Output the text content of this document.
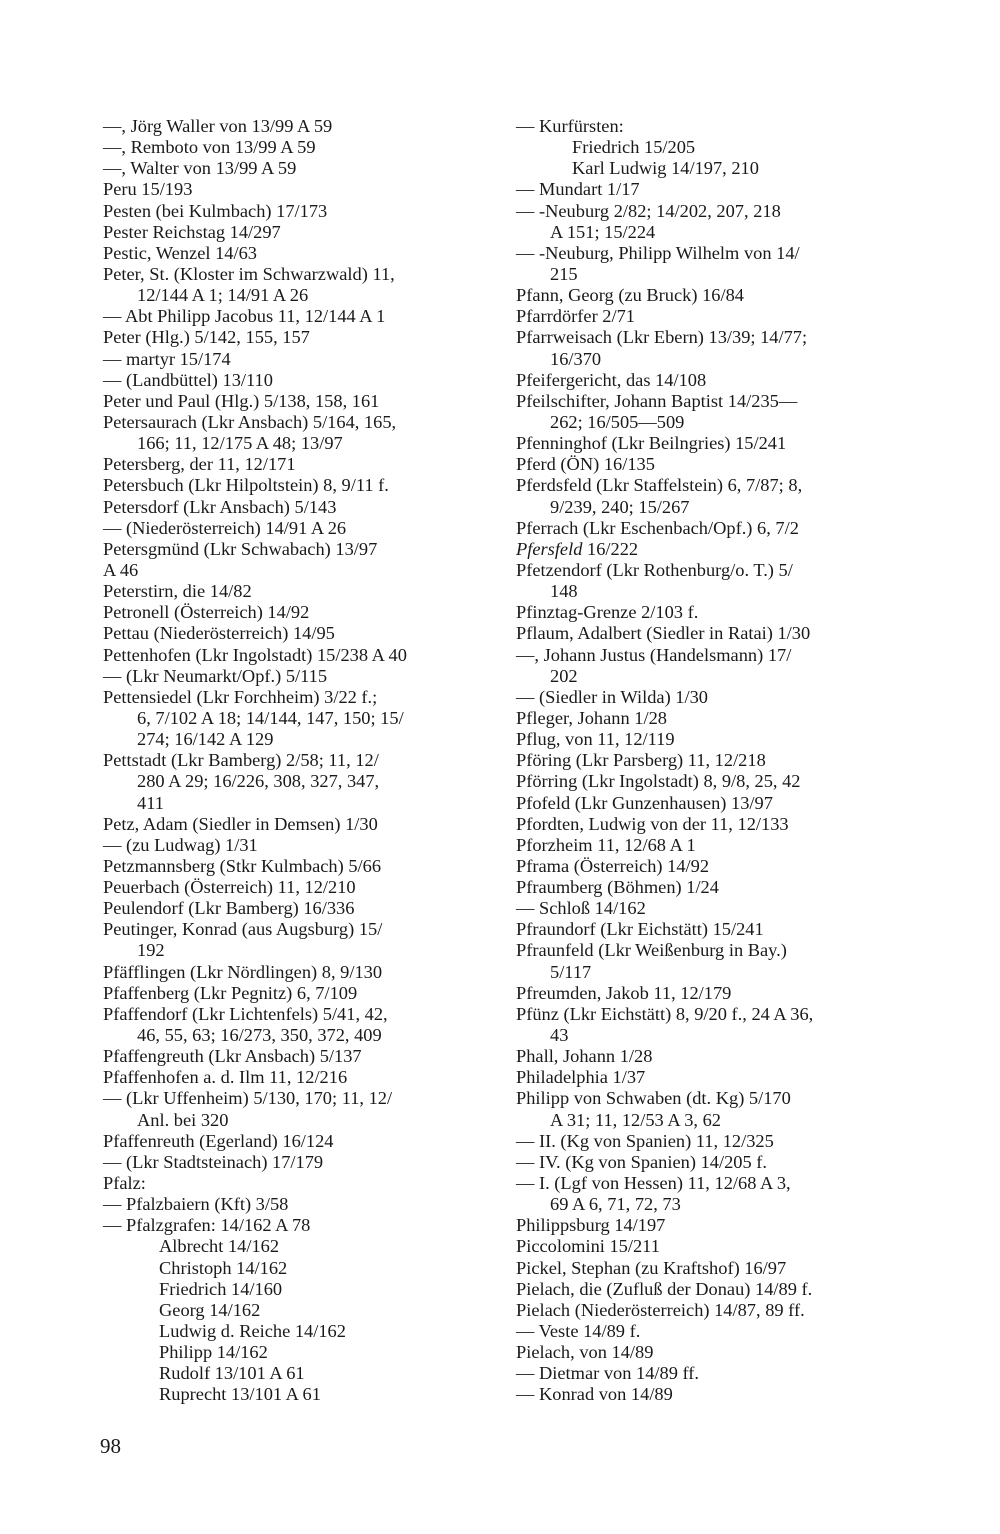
—, Jörg Waller von 13/99 A 59
—, Remboto von 13/99 A 59
—, Walter von 13/99 A 59
Peru 15/193
Pesten (bei Kulmbach) 17/173
Pester Reichstag 14/297
Pestic, Wenzel 14/63
Peter, St. (Kloster im Schwarzwald) 11,
12/144 A 1; 14/91 A 26
— Abt Philipp Jacobus 11, 12/144 A 1
Peter (Hlg.) 5/142, 155, 157
— martyr 15/174
— (Landbüttel) 13/110
Peter und Paul (Hlg.) 5/138, 158, 161
Petersaurach (Lkr Ansbach) 5/164, 165,
166; 11, 12/175 A 48; 13/97
Petersberg, der 11, 12/171
Petersbuch (Lkr Hilpoltstein) 8, 9/11 f.
Petersdorf (Lkr Ansbach) 5/143
— (Niederösterreich) 14/91 A 26
Petersgmünd (Lkr Schwabach) 13/97
A 46
Peterstirn, die 14/82
Petronell (Österreich) 14/92
Pettau (Niederösterreich) 14/95
Pettenhofen (Lkr Ingolstadt) 15/238 A 40
— (Lkr Neumarkt/Opf.) 5/115
Pettensiedel (Lkr Forchheim) 3/22 f.;
6, 7/102 A 18; 14/144, 147, 150; 15/
274; 16/142 A 129
Pettstadt (Lkr Bamberg) 2/58; 11, 12/
280 A 29; 16/226, 308, 327, 347,
411
Petz, Adam (Siedler in Demsen) 1/30
— (zu Ludwag) 1/31
Petzmannsberg (Stkr Kulmbach) 5/66
Peuerbach (Österreich) 11, 12/210
Peulendorf (Lkr Bamberg) 16/336
Peutinger, Konrad (aus Augsburg) 15/
192
Pfäfflingen (Lkr Nördlingen) 8, 9/130
Pfaffenberg (Lkr Pegnitz) 6, 7/109
Pfaffendorf (Lkr Lichtenfels) 5/41, 42,
46, 55, 63; 16/273, 350, 372, 409
Pfaffengreuth (Lkr Ansbach) 5/137
Pfaffenhofen a. d. Ilm 11, 12/216
— (Lkr Uffenheim) 5/130, 170; 11, 12/
Anl. bei 320
Pfaffenreuth (Egerland) 16/124
— (Lkr Stadtsteinach) 17/179
Pfalz:
— Pfalzbaiern (Kft) 3/58
— Pfalzgrafen: 14/162 A 78
Albrecht 14/162
Christoph 14/162
Friedrich 14/160
Georg 14/162
Ludwig d. Reiche 14/162
Philipp 14/162
Rudolf 13/101 A 61
Ruprecht 13/101 A 61
— Kurfürsten:
Friedrich 15/205
Karl Ludwig 14/197, 210
— Mundart 1/17
— -Neuburg 2/82; 14/202, 207, 218
A 151; 15/224
— -Neuburg, Philipp Wilhelm von 14/
215
Pfann, Georg (zu Bruck) 16/84
Pfarrdörfer 2/71
Pfarrweisach (Lkr Ebern) 13/39; 14/77;
16/370
Pfeifergericht, das 14/108
Pfeilschifter, Johann Baptist 14/235—
262; 16/505—509
Pfenninghof (Lkr Beilngries) 15/241
Pferd (ÖN) 16/135
Pferdsfeld (Lkr Staffelstein) 6, 7/87; 8,
9/239, 240; 15/267
Pferrach (Lkr Eschenbach/Opf.) 6, 7/2
Pfersfeld 16/222
Pfetzendorf (Lkr Rothenburg/o. T.) 5/
148
Pfinztag-Grenze 2/103 f.
Pflaum, Adalbert (Siedler in Ratai) 1/30
—, Johann Justus (Handelsmann) 17/
202
— (Siedler in Wilda) 1/30
Pfleger, Johann 1/28
Pflug, von 11, 12/119
Pföring (Lkr Parsberg) 11, 12/218
Pförring (Lkr Ingolstadt) 8, 9/8, 25, 42
Pfofeld (Lkr Gunzenhausen) 13/97
Pfordten, Ludwig von der 11, 12/133
Pforzheim 11, 12/68 A 1
Pframa (Österreich) 14/92
Pfraumberg (Böhmen) 1/24
— Schloß 14/162
Pfraundorf (Lkr Eichstätt) 15/241
Pfraunfeld (Lkr Weißenburg in Bay.)
5/117
Pfreumden, Jakob 11, 12/179
Pfünz (Lkr Eichstätt) 8, 9/20 f., 24 A 36,
43
Phall, Johann 1/28
Philadelphia 1/37
Philipp von Schwaben (dt. Kg) 5/170
A 31; 11, 12/53 A 3, 62
— II. (Kg von Spanien) 11, 12/325
— IV. (Kg von Spanien) 14/205 f.
— I. (Lgf von Hessen) 11, 12/68 A 3,
69 A 6, 71, 72, 73
Philippsburg 14/197
Piccolomini 15/211
Pickel, Stephan (zu Kraftshof) 16/97
Pielach, die (Zufluß der Donau) 14/89 f.
Pielach (Niederösterreich) 14/87, 89 ff.
— Veste 14/89 f.
Pielach, von 14/89
— Dietmar von 14/89 ff.
— Konrad von 14/89
98
